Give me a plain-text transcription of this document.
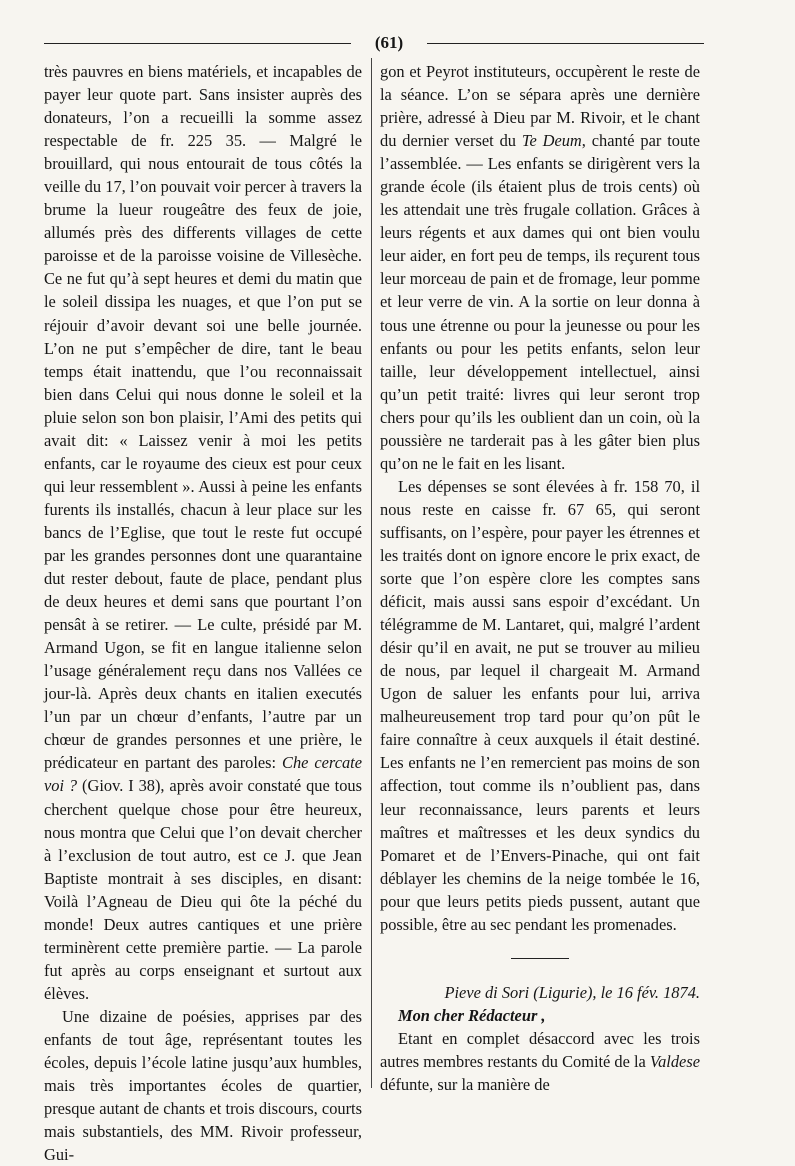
(61)

très pauvres en biens matériels, et incapables de payer leur quote part. Sans insister auprès des donateurs, l’on a recueilli la somme assez respectable de fr. 225 35. — Malgré le brouillard, qui nous entourait de tous côtés la veille du 17, l’on pouvait voir percer à travers la brume la lueur rougeâtre des feux de joie, allumés près des differents villages de cette paroisse et de la paroisse voisine de Villesèche. Ce ne fut qu’à sept heures et demi du matin que le soleil dissipa les nuages, et que l’on put se réjouir d’avoir devant soi une belle journée. L’on ne put s’empêcher de dire, tant le beau temps était inattendu, que l’ou reconnaissait bien dans Celui qui nous donne le soleil et la pluie selon son bon plaisir, l’Ami des petits qui avait dit: « Laissez venir à moi les petits enfants, car le royaume des cieux est pour ceux qui leur ressemblent ». Aussi à peine les enfants furents ils installés, chacun à leur place sur les bancs de l’Eglise, que tout le reste fut occupé par les grandes personnes dont une quarantaine dut rester debout, faute de place, pendant plus de deux heures et demi sans que pourtant l’on pensât à se retirer. — Le culte, présidé par M. Armand Ugon, se fit en langue italienne selon l’usage généralement reçu dans nos Vallées ce jour-là. Après deux chants en italien executés l’un par un chœur d’enfants, l’autre par un chœur de grandes personnes et une prière, le prédicateur en partant des paroles: Che cercate voi ? (Giov. I 38), après avoir constaté que tous cherchent quelque chose pour être heureux, nous montra que Celui que l’on devait chercher à l’exclusion de tout autro, est ce J. que Jean Baptiste montrait à ses disciples, en disant: Voilà l’Agneau de Dieu qui ôte la péché du monde! Deux autres cantiques et une prière terminèrent cette première partie. — La parole fut après au corps enseignant et surtout aux élèves.

Une dizaine de poésies, apprises par des enfants de tout âge, représentant toutes les écoles, depuis l’école latine jusqu’aux humbles, mais très importantes écoles de quartier, presque autant de chants et trois discours, courts mais substantiels, des MM. Rivoir professeur, Gui-

gon et Peyrot instituteurs, occupèrent le reste de la séance. L’on se sépara après une dernière prière, adressé à Dieu par M. Rivoir, et le chant du dernier verset du Te Deum, chanté par toute l’assemblée. — Les enfants se dirigèrent vers la grande école (ils étaient plus de trois cents) où les attendait une très frugale collation. Grâces à leurs régents et aux dames qui ont bien voulu leur aider, en fort peu de temps, ils reçurent tous leur morceau de pain et de fromage, leur pomme et leur verre de vin. A la sortie on leur donna à tous une étrenne ou pour la jeunesse ou pour les enfants ou pour les petits enfants, selon leur taille, leur développement intellectuel, ainsi qu’un petit traité: livres qui leur seront trop chers pour qu’ils les oublient dan un coin, où la poussière ne tarderait pas à les gâter bien plus qu’on ne le fait en les lisant.

Les dépenses se sont élevées à fr. 158 70, il nous reste en caisse fr. 67 65, qui seront suffisants, on l’espère, pour payer les étrennes et les traités dont on ignore encore le prix exact, de sorte que l’on espère clore les comptes sans déficit, mais aussi sans espoir d’excédant. Un télégramme de M. Lantaret, qui, malgré l’ardent désir qu’il en avait, ne put se trouver au milieu de nous, par lequel il chargeait M. Armand Ugon de saluer les enfants pour lui, arriva malheureusement trop tard pour qu’on pût le faire connaître à ceux auxquels il était destiné. Les enfants ne l’en remercient pas moins de son affection, tout comme ils n’oublient pas, dans leur reconnaissance, leurs parents et leurs maîtres et maîtresses et les deux syndics du Pomaret et de l’Envers-Pinache, qui ont fait déblayer les chemins de la neige tombée le 16, pour que leurs petits pieds pussent, autant que possible, être au sec pendant les promenades.

Pieve di Sori (Ligurie), le 16 fév. 1874.

Mon cher Rédacteur ,

Etant en complet désaccord avec les trois autres membres restants du Comité de la Valdese défunte, sur la manière de
